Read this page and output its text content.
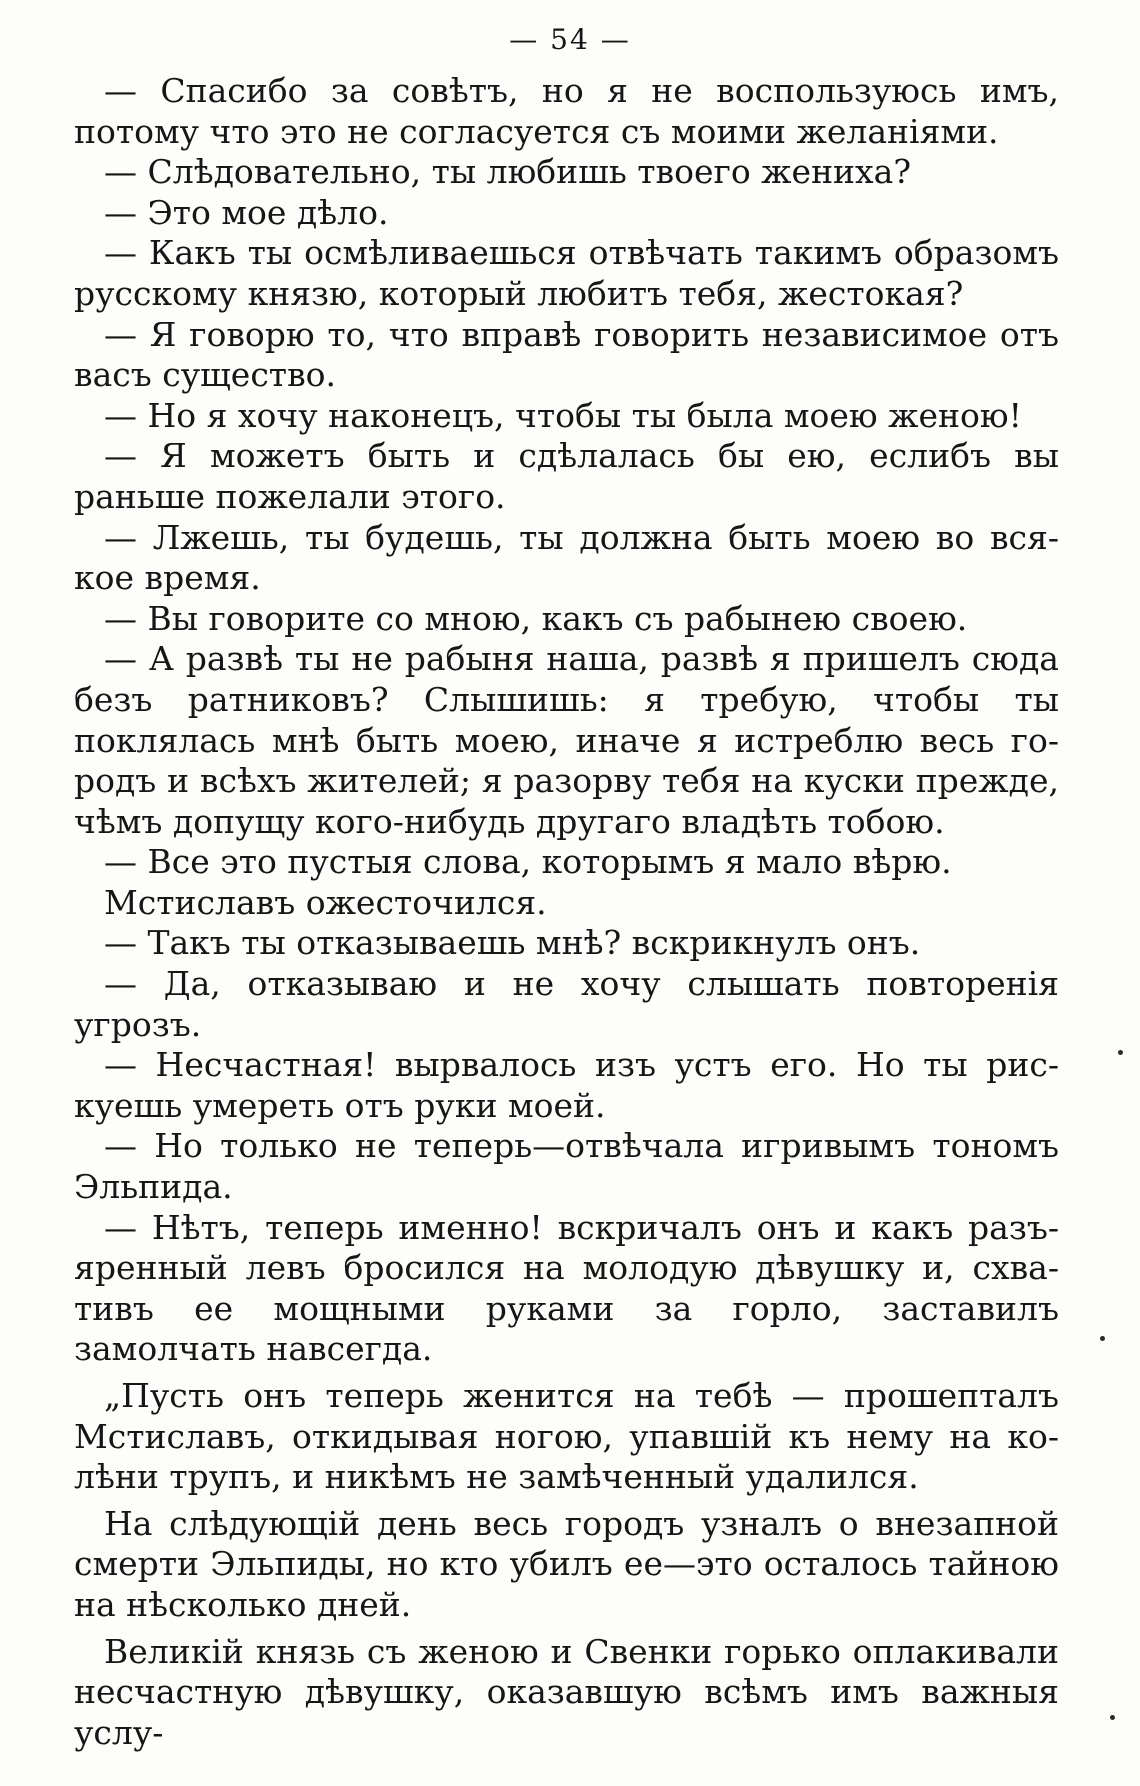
— 54 —

— Спасибо за совѣтъ, но я не воспользуюсь имъ, потому что это не согласуется съ моими желаніями.

— Слѣдовательно, ты любишь твоего жениха?

— Это мое дѣло.

— Какъ ты осмѣливаешься отвѣчать такимъ образомъ русскому князю, который любитъ тебя, жестокая?

— Я говорю то, что вправѣ говорить независимое отъ васъ существо.

— Но я хочу наконецъ, чтобы ты была моею женою!

— Я можетъ быть и сдѣлалась бы ею, еслибъ вы раньше пожелали этого.

— Лжешь, ты будешь, ты должна быть моею во всякое время.

— Вы говорите со мною, какъ съ рабынею своею.

— А развѣ ты не рабыня наша, развѣ я пришелъ сюда безъ ратниковъ? Слышишь: я требую, чтобы ты поклялась мнѣ быть моею, иначе я истреблю весь городъ и всѣхъ жителей; я разорву тебя на куски прежде, чѣмъ допущу кого-нибудь другаго владѣть тобою.

— Все это пустыя слова, которымъ я мало вѣрю.

Мстиславъ ожесточился.

— Такъ ты отказываешь мнѣ? вскрикнулъ онъ.

— Да, отказываю и не хочу слышать повторенія угрозъ.

— Несчастная! вырвалось изъ устъ его. Но ты рискуешь умереть отъ руки моей.

— Но только не теперь—отвѣчала игривымъ тономъ Эльпида.

— Нѣтъ, теперь именно! вскричалъ онъ и какъ разъяренный левъ бросился на молодую дѣвушку и, схвативъ ее мощными руками за горло, заставилъ замолчать навсегда.

„Пусть онъ теперь женится на тебѣ — прошепталъ Мстиславъ, откидывая ногою, упавшій къ нему на колѣни трупъ, и никѣмъ не замѣченный удалился.

На слѣдующій день весь городъ узналъ о внезапной смерти Эльпиды, но кто убилъ ее—это осталось тайною на нѣсколько дней.

Великій князь съ женою и Свенки горько оплакивали несчастную дѣвушку, оказавшую всѣмъ имъ важныя услу-
